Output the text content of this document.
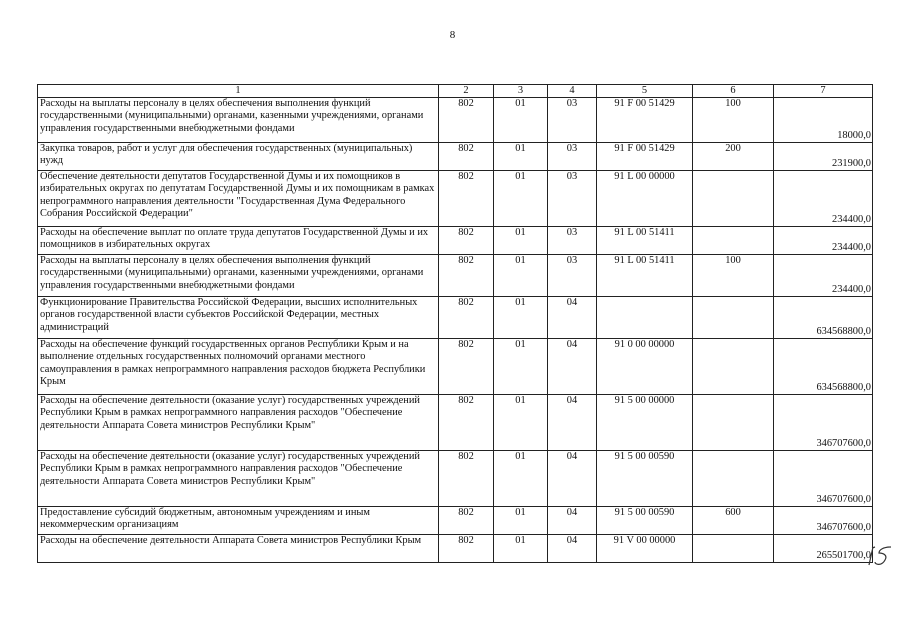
8
1	2	3	4	5	6	7
Расходы на выплаты персоналу в целях обеспечения выполнения функций государственными (муниципальными) органами, казенными учреждениями, органами управления государственными внебюджетными фондами	802	01	03	91 F 00 51429	100	18000,0
Закупка товаров, работ и услуг для обеспечения государственных (муниципальных) нужд	802	01	03	91 F 00 51429	200	231900,0
Обеспечение деятельности депутатов Государственной Думы и их помощников в избирательных округах по депутатам Государственной Думы и их помощникам в рамках непрограммного направления деятельности "Государственная Дума Федерального Собрания Российской Федерации"	802	01	03	91 L 00 00000		234400,0
Расходы на обеспечение выплат по оплате труда депутатов Государственной Думы и их помощников в избирательных округах	802	01	03	91 L 00 51411		234400,0
Расходы на выплаты персоналу в целях обеспечения выполнения функций государственными (муниципальными) органами, казенными учреждениями, органами управления государственными внебюджетными фондами	802	01	03	91 L 00 51411	100	234400,0
Функционирование Правительства Российской Федерации, высших исполнительных органов государственной власти субъектов Российской Федерации, местных администраций	802	01	04			634568800,0
Расходы на обеспечение функций государственных органов Республики Крым и на выполнение отдельных государственных полномочий органами местного самоуправления в рамках непрограммного направления расходов бюджета Республики Крым	802	01	04	91 0 00 00000		634568800,0
Расходы на обеспечение деятельности (оказание услуг) государственных учреждений Республики Крым в рамках непрограммного направления расходов "Обеспечение деятельности Аппарата Совета министров Республики Крым"	802	01	04	91 5 00 00000		346707600,0
Расходы на обеспечение деятельности (оказание услуг) государственных учреждений Республики Крым в рамках непрограммного направления расходов "Обеспечение деятельности Аппарата Совета министров Республики Крым"	802	01	04	91 5 00 00590		346707600,0
Предоставление субсидий бюджетным, автономным учреждениям и иным некоммерческим организациям	802	01	04	91 5 00 00590	600	346707600,0
Расходы на обеспечение деятельности Аппарата Совета министров Республики Крым	802	01	04	91 V 00 00000		265501700,0
